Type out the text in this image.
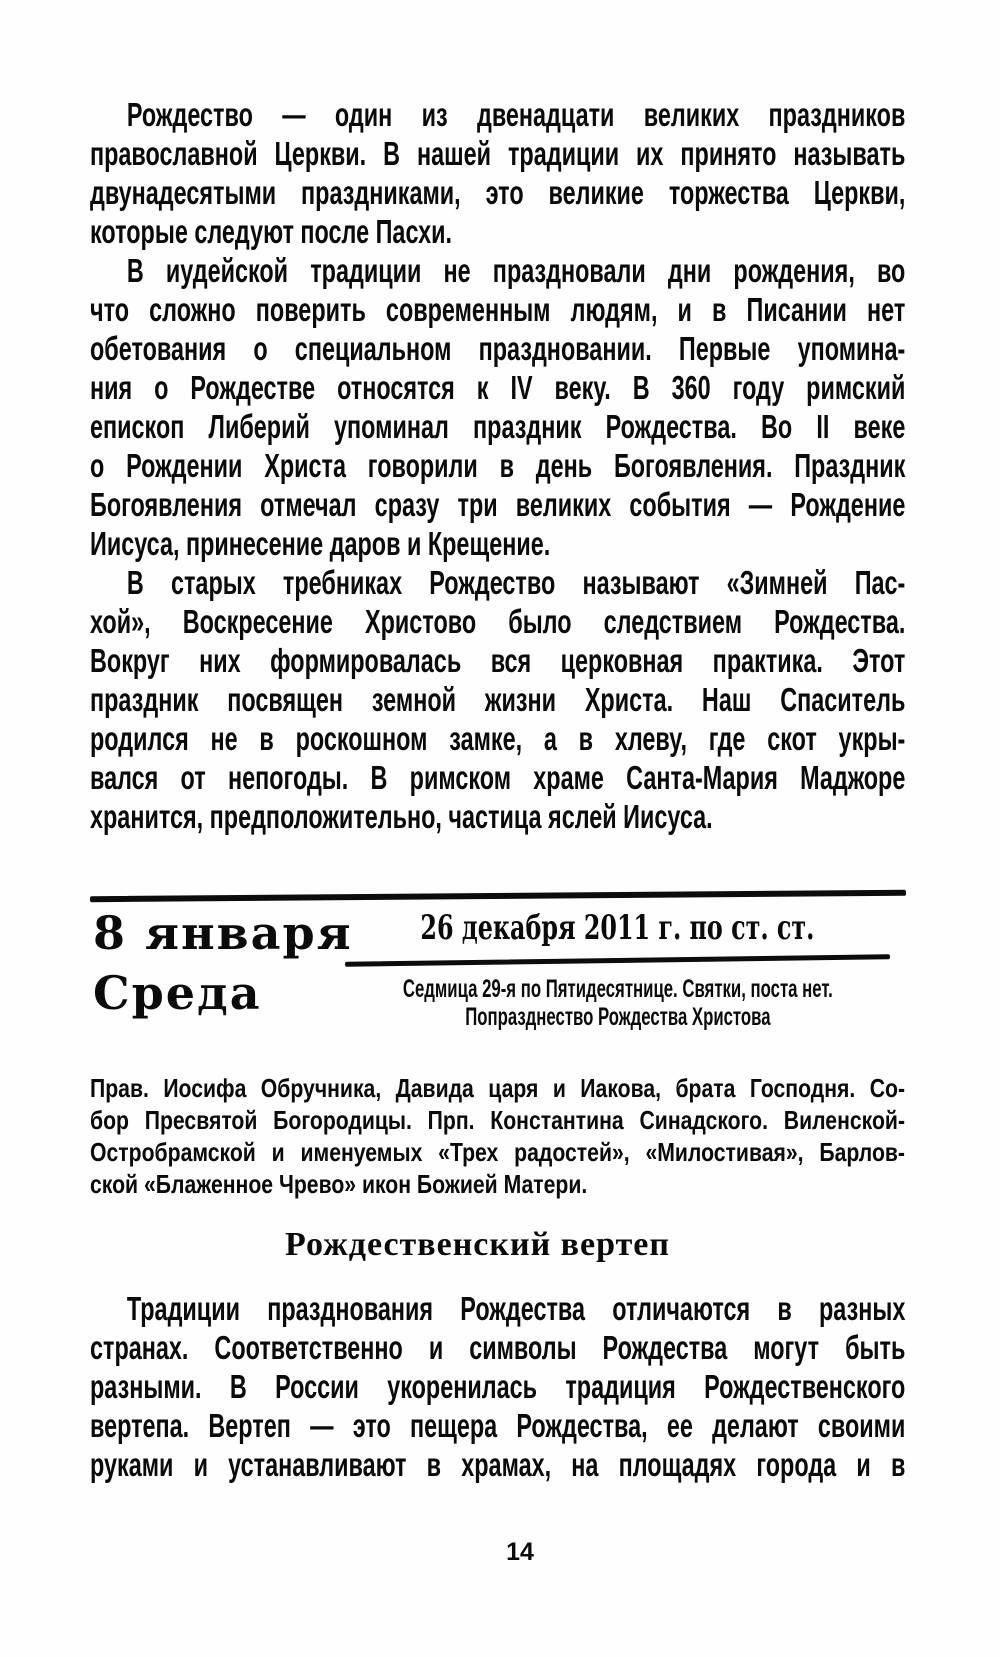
Рождество — один из двенадцати великих праздников
православной Церкви. В нашей традиции их принято называть
двунадесятыми праздниками, это великие торжества Церкви,
которые следуют после Пасхи.
В иудейской традиции не праздновали дни рождения, во
что сложно поверить современным людям, и в Писании нет
обетования о специальном праздновании. Первые упомина-
ния о Рождестве относятся к IV веку. В 360 году римский
епископ Либерий упоминал праздник Рождества. Во II веке
о Рождении Христа говорили в день Богоявления. Праздник
Богоявления отмечал сразу три великих события — Рождение
Иисуса, принесение даров и Крещение.
В старых требниках Рождество называют «Зимней Пас-
хой», Воскресение Христово было следствием Рождества.
Вокруг них формировалась вся церковная практика. Этот
праздник посвящен земной жизни Христа. Наш Спаситель
родился не в роскошном замке, а в хлеву, где скот укры-
вался от непогоды. В римском храме Санта-Мария Маджоре
хранится, предположительно, частица яслей Иисуса.
8 января
Среда
26 декабря 2011 г. по ст. ст.
Седмица 29-я по Пятидесятнице. Святки, поста нет.
Попразднество Рождества Христова
Прав. Иосифа Обручника, Давида царя и Иакова, брата Господня. Со-
бор Пресвятой Богородицы. Прп. Константина Синадского. Виленской-
Остробрамской и именуемых «Трех радостей», «Милостивая», Барлов-
ской «Блаженное Чрево» икон Божией Матери.
Рождественский вертеп
Традиции празднования Рождества отличаются в разных
странах. Соответственно и символы Рождества могут быть
разными. В России укоренилась традиция Рождественского
вертепа. Вертеп — это пещера Рождества, ее делают своими
руками и устанавливают в храмах, на площадях города и в
14
